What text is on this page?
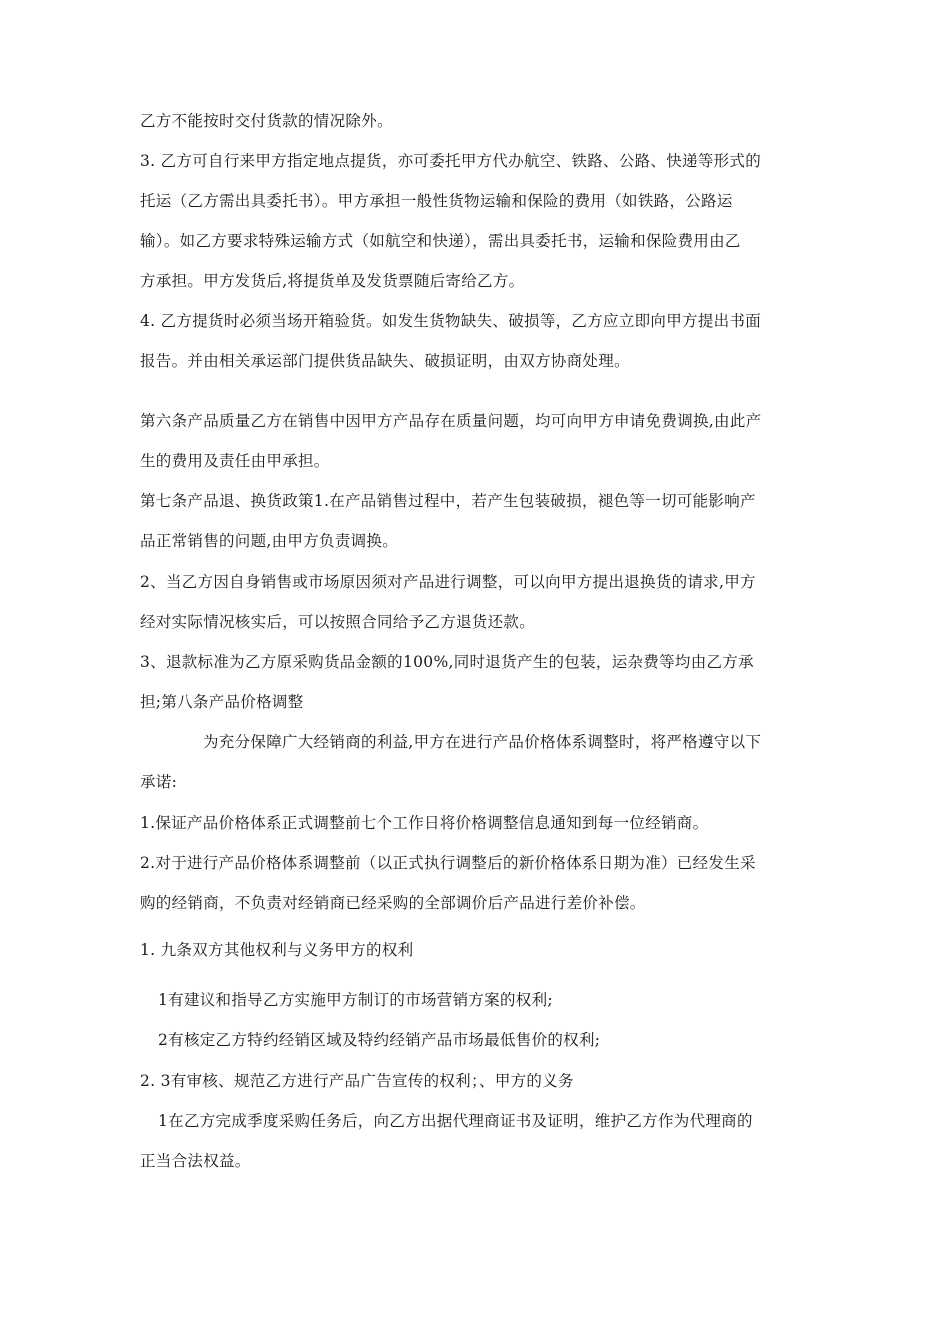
乙方不能按时交付货款的情况除外。
3. 乙方可自行来甲方指定地点提货，亦可委托甲方代办航空、铁路、公路、快递等形式的
托运（乙方需出具委托书）。甲方承担一般性货物运输和保险的费用（如铁路，公路运
输）。如乙方要求特殊运输方式（如航空和快递），需出具委托书，运输和保险费用由乙
方承担。甲方发货后,将提货单及发货票随后寄给乙方。
4. 乙方提货时必须当场开箱验货。如发生货物缺失、破损等，乙方应立即向甲方提出书面
报告。并由相关承运部门提供货品缺失、破损证明，由双方协商处理。
第六条产品质量乙方在销售中因甲方产品存在质量问题，均可向甲方申请免费调换,由此产
生的费用及责任由甲承担。
第七条产品退、换货政策1.在产品销售过程中，若产生包装破损，褪色等一切可能影响产
品正常销售的问题,由甲方负责调换。
2、当乙方因自身销售或市场原因须对产品进行调整，可以向甲方提出退换货的请求,甲方
经对实际情况核实后，可以按照合同给予乙方退货还款。
3、退款标准为乙方原采购货品金额的100%,同时退货产生的包装，运杂费等均由乙方承
担;第八条产品价格调整
为充分保障广大经销商的利益,甲方在进行产品价格体系调整时，将严格遵守以下
承诺:
1.保证产品价格体系正式调整前七个工作日将价格调整信息通知到每一位经销商。
2.对于进行产品价格体系调整前（以正式执行调整后的新价格体系日期为准）已经发生采
购的经销商，不负责对经销商已经采购的全部调价后产品进行差价补偿。
1. 九条双方其他权利与义务甲方的权利
1有建议和指导乙方实施甲方制订的市场营销方案的权利;
2有核定乙方特约经销区域及特约经销产品市场最低售价的权利;
2. 3有审核、规范乙方进行产品广告宣传的权利；、甲方的义务
1在乙方完成季度采购任务后，向乙方出据代理商证书及证明，维护乙方作为代理商的
正当合法权益。
